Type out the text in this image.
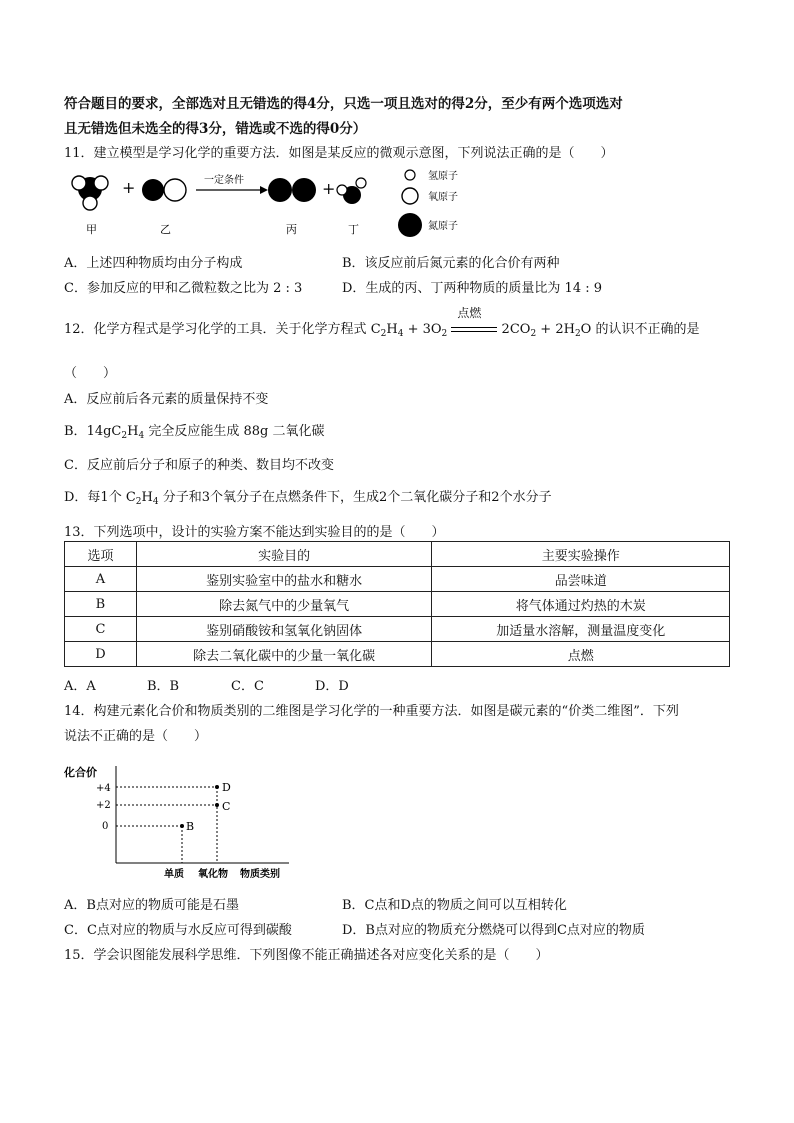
符合题目的要求，全部选对且无错选的得4分，只选一项且选对的得2分，至少有两个选项选对
且无错选但未选全的得3分，错选或不选的得0分）
11．建立模型是学习化学的重要方法．如图是某反应的微观示意图，下列说法正确的是（　　）
+	一定条件	+
甲	乙	丙	丁
氢原子
氧原子
氮原子
A．上述四种物质均由分子构成	B．该反应前后氮元素的化合价有两种
C．参加反应的甲和乙微粒数之比为 2 : 3	D．生成的丙、丁两种物质的质量比为 14 : 9
12．化学方程式是学习化学的工具．关于化学方程式 $C_2H_4 + 3O_2$
点燃
$2CO_2 + 2H_2O$ 的认识不正确的是
（　　）
A．反应前后各元素的质量保持不变
B．$14gC_2H_4$ 完全反应能生成 88g 二氧化碳
C．反应前后分子和原子的种类、数目均不改变
D．每1个 $C_2H_4$ 分子和3个氧分子在点燃条件下，生成2个二氧化碳分子和2个水分子
13．下列选项中，设计的实验方案不能达到实验目的的是（　　）
选项	实验目的	主要实验操作
A	鉴别实验室中的盐水和糖水	品尝味道
B	除去氮气中的少量氧气	将气体通过灼热的木炭
C	鉴别硝酸铵和氢氧化钠固体	加适量水溶解，测量温度变化
D	除去二氧化碳中的少量一氧化碳	点燃
A．A	B．B	C．C	D．D
14．构建元素化合价和物质类别的二维图是学习化学的一种重要方法．如图是碳元素的“价类二维图”．下列
说法不正确的是（　　）
化合价
+4
+2
0
D
C
B
单质 氧化物 物质类别
A．B点对应的物质可能是石墨	B．C点和D点的物质之间可以互相转化
C．C点对应的物质与水反应可得到碳酸	D．B点对应的物质充分燃烧可以得到C点对应的物质
15．学会识图能发展科学思维．下列图像不能正确描述各对应变化关系的是（　　）
